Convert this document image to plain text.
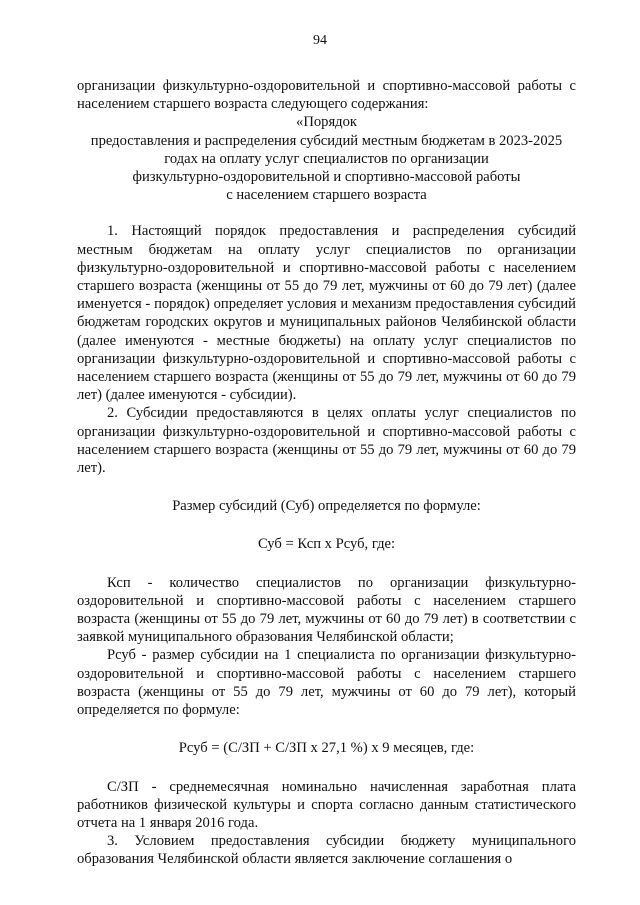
94

организации физкультурно-оздоровительной и спортивно-массовой работы с населением старшего возраста следующего содержания:

«Порядок

предоставления и распределения субсидий местным бюджетам в 2023-2025

годах на оплату услуг специалистов по организации

физкультурно-оздоровительной и спортивно-массовой работы

с населением старшего возраста

1. Настоящий порядок предоставления и распределения субсидий местным бюджетам на оплату услуг специалистов по организации физкультурно-оздоровительной и спортивно-массовой работы с населением старшего возраста (женщины от 55 до 79 лет, мужчины от 60 до 79 лет) (далее именуется - порядок) определяет условия и механизм предоставления субсидий бюджетам городских округов и муниципальных районов Челябинской области (далее именуются - местные бюджеты) на оплату услуг специалистов по организации физкультурно-оздоровительной и спортивно-массовой работы с населением старшего возраста (женщины от 55 до 79 лет, мужчины от 60 до 79 лет) (далее именуются - субсидии).

2. Субсидии предоставляются в целях оплаты услуг специалистов по организации физкультурно-оздоровительной и спортивно-массовой работы с населением старшего возраста (женщины от 55 до 79 лет, мужчины от 60 до 79 лет).

Размер субсидий (Суб) определяется по формуле:

Суб = Ксп х Рсуб, где:

Ксп - количество специалистов по организации физкультурно-оздоровительной и спортивно-массовой работы с населением старшего возраста (женщины от 55 до 79 лет, мужчины от 60 до 79 лет) в соответствии с заявкой муниципального образования Челябинской области;

Рсуб - размер субсидии на 1 специалиста по организации физкультурно-оздоровительной и спортивно-массовой работы с населением старшего возраста (женщины от 55 до 79 лет, мужчины от 60 до 79 лет), который определяется по формуле:

Рсуб = (С/ЗП + С/ЗП х 27,1 %) х 9 месяцев, где:

С/ЗП - среднемесячная номинально начисленная заработная плата работников физической культуры и спорта согласно данным статистического отчета на 1 января 2016 года.

3. Условием предоставления субсидии бюджету муниципального образования Челябинской области является заключение соглашения о
